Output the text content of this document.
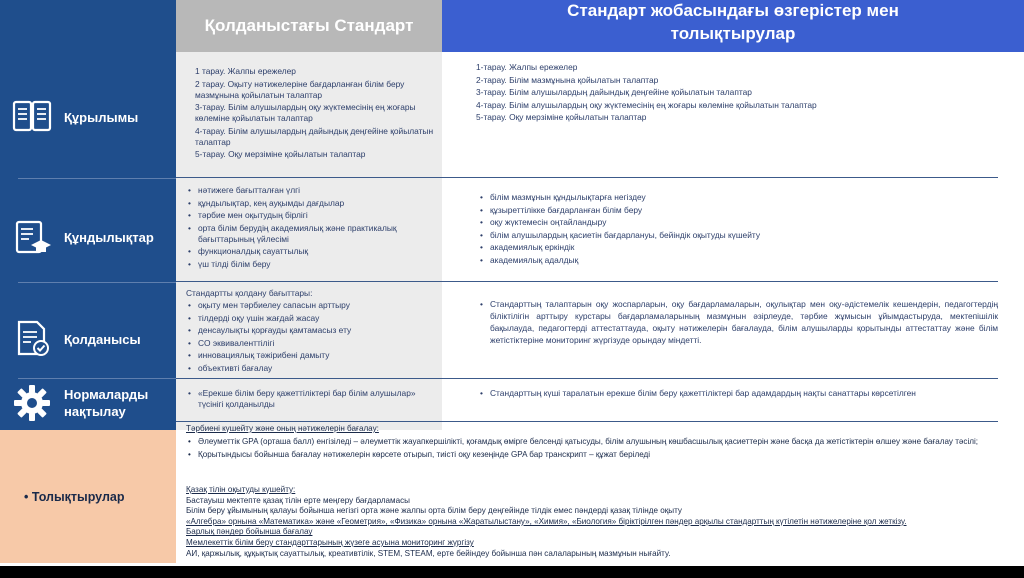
Құрылымы
Құндылықтар
Қолданысы
Нормаларды
нақтылау
Қолданыстағы Стандарт
Стандарт жобасындағы өзгерістер мен
толықтырулар
1 тарау. Жалпы ережелер
2 тарау. Оқыту нәтижелеріне бағдарланған білім беру мазмұнына қойылатын талаптар
3-тарау. Білім алушылардың оқу жүктемесінің ең жоғары көлеміне қойылатын талаптар
4-тарау. Білім алушылардың дайындық деңгейіне қойылатын талаптар
5-тарау. Оқу мерзіміне қойылатын талаптар
1-тарау. Жалпы ережелер
2-тарау. Білім мазмұнына қойылатын талаптар
3-тарау. Білім алушылардың дайындық деңгейіне қойылатын талаптар
4-тарау. Білім алушылардың оқу жүктемесінің ең жоғары көлеміне қойылатын талаптар
5-тарау. Оқу мерзіміне қойылатын талаптар
• нәтижеге бағытталған үлгі
• құндылықтар, кең ауқымды дағдылар
• тәрбие мен оқытудың бірлігі
• орта білім берудің академиялық және практикалық бағыттарының үйлесімі
• функционалдық сауаттылық
• үш тілді білім беру
• білім мазмұнын құндылықтарға негіздеу
• құзыреттілікке бағдарланған білім беру
• оқу жүктемесін оңтайландыру
• білім алушылардың қасиетін бағдарлануы, бейіндік оқытуды күшейту
• академиялық еркіндік
• академиялық адалдық
Стандартты қолдану бағыттары:
• оқыту мен тәрбиелеу сапасын арттыру
• тілдерді оқу үшін жағдай жасау
• денсаулықты қорғауды қамтамасыз ету
• CO эквиваленттілігі
• инновациялық тәжірибені дамыту
• объективті бағалау
• Стандарттың талаптарын оқу жоспарларын, оқу бағдарламаларын, оқулықтар мен оқу-әдістемелік кешендерін, педагогтердің біліктілігін арттыру курстары бағдарламаларының мазмұнын әзірлеуде, тәрбие жұмысын ұйымдастыруда, мектепішілік бақылауда, педагогтерді аттестаттауда, оқыту нәтижелерін бағалауда, білім алушыларды қорытынды аттестаттау және білім жетістіктеріне мониторинг жүргізуде орындау міндетті.
• «Ерекше білім беру қажеттіліктері бар білім алушылар» түсінігі қолданылды
• Стандарттың күші таралатын ерекше білім беру қажеттіліктері бар адамдардың нақты санаттары көрсетілген
• Толықтырулар
Тәрбиені күшейту және оның нәтижелерін бағалау:
• Әлеуметтік GPA (орташа балл) енгізіледі – әлеуметтік жауапкершілікті, қоғамдық өмірге белсенді қатысуды, білім алушының көшбасшылық қасиеттерін және басқа да жетістіктерін өлшеу және бағалау тәсілі;
• Қорытындысы бойынша бағалау нәтижелерін көрсете отырып, тиісті оқу кезеңінде GPA бар транскрипт – құжат беріледі
Қазақ тілін оқытуды күшейту:
Бастауыш мектепте қазақ тілін ерте меңгеру бағдарламасы
Білім беру ұйымының қалауы бойынша негізгі орта және жалпы орта білім беру деңгейінде тілдік емес пәндерді қазақ тілінде оқыту
«Алгебра» орнына «Математика» және «Геометрия», «Физика» орнына «Жаратылыстану», «Химия», «Биология» біріктірілген пәндер арқылы стандарттың күтілетін нәтижелеріне қол жеткізу.
Барлық пәндер бойынша бағалау
Мемлекеттік білім беру стандарттарының жүзеге асуына мониторинг жүргізу
АИ, қаржылық, құқықтық сауаттылық, креативтілік, STEM, STEAM, ерте бейіндеу бойынша пән салаларының мазмұнын нығайту.
